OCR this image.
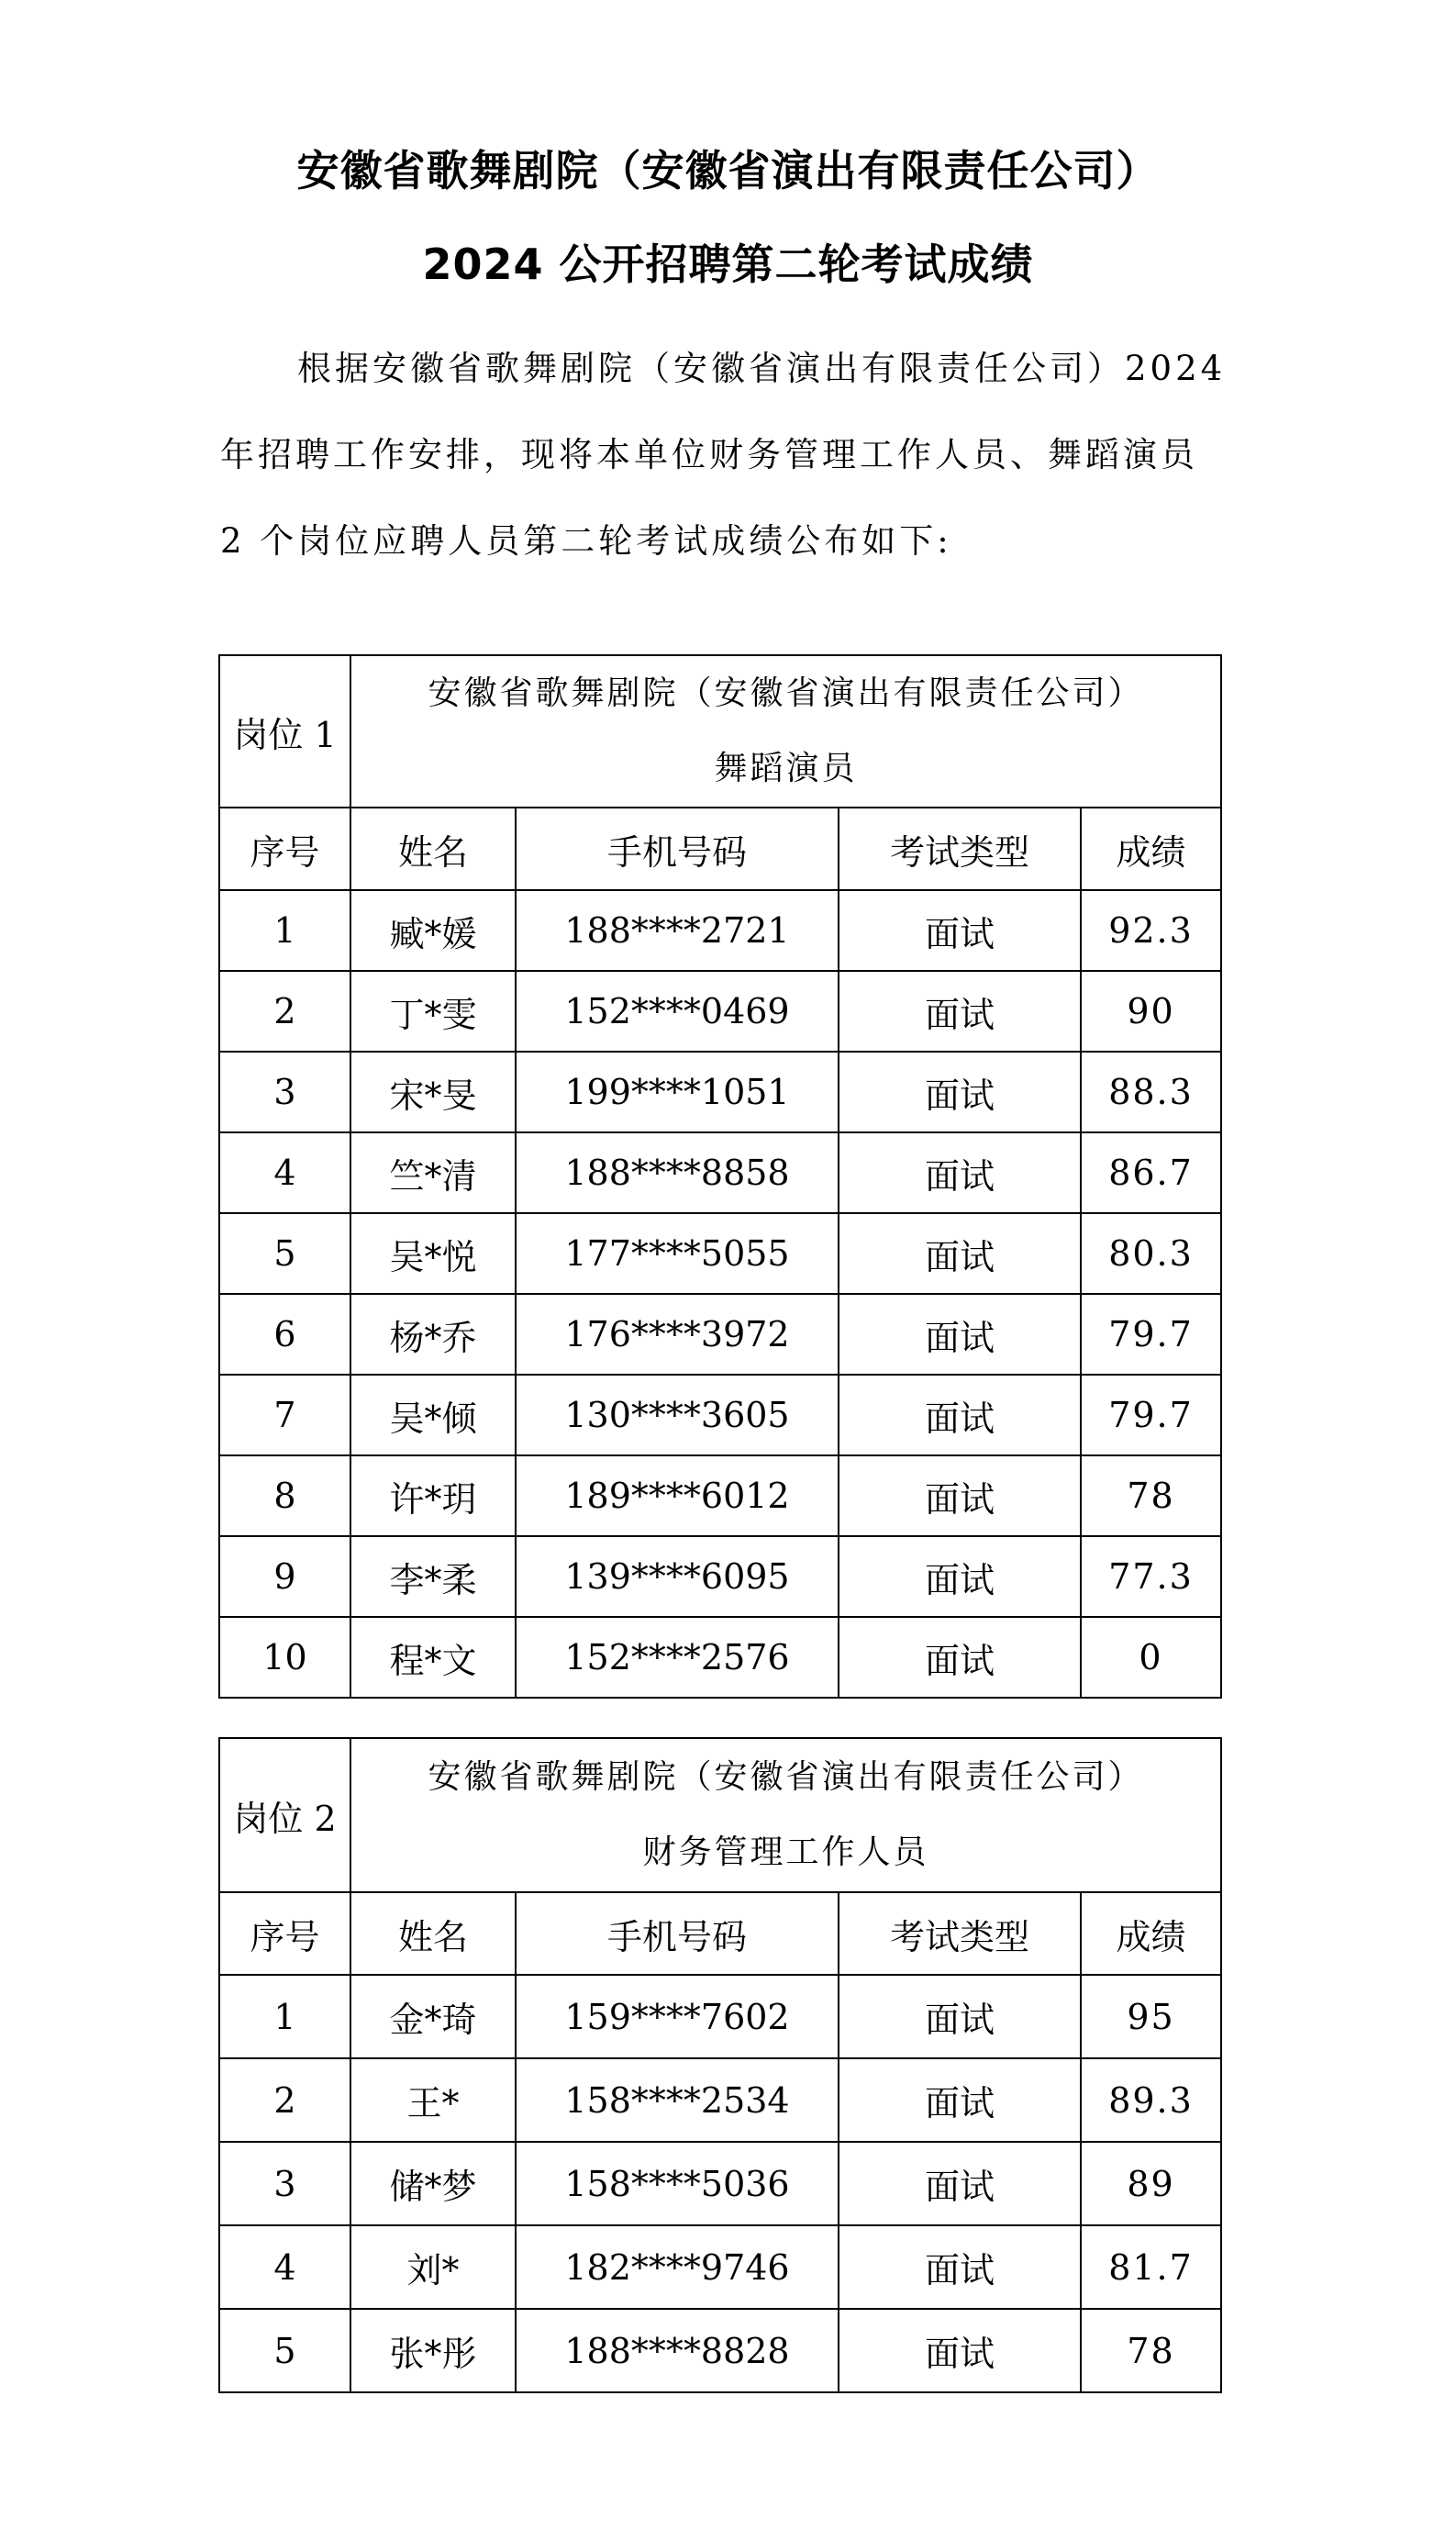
安徽省歌舞剧院（安徽省演出有限责任公司）
2024 公开招聘第二轮考试成绩

根据安徽省歌舞剧院（安徽省演出有限责任公司）2024

年招聘工作安排，现将本单位财务管理工作人员、舞蹈演员

2 个岗位应聘人员第二轮考试成绩公布如下:

岗位 1	安徽省歌舞剧院（安徽省演出有限责任公司）
舞蹈演员			

序号	姓名	手机号码	考试类型	成绩
1	臧*媛	188****2721	面试	92.3
2	丁*雯	152****0469	面试	90
3	宋*旻	199****1051	面试	88.3
4	竺*清	188****8858	面试	86.7
5	吴*悦	177****5055	面试	80.3
6	杨*乔	176****3972	面试	79.7
7	吴*倾	130****3605	面试	79.7
8	许*玥	189****6012	面试	78
9	李*柔	139****6095	面试	77.3
10	程*文	152****2576	面试	0
岗位 2	安徽省歌舞剧院（安徽省演出有限责任公司）
财务管理工作人员			

序号	姓名	手机号码	考试类型	成绩
1	金*琦	159****7602	面试	95
2	王*	158****2534	面试	89.3
3	储*梦	158****5036	面试	89
4	刘*	182****9746	面试	81.7
5	张*彤	188****8828	面试	78
